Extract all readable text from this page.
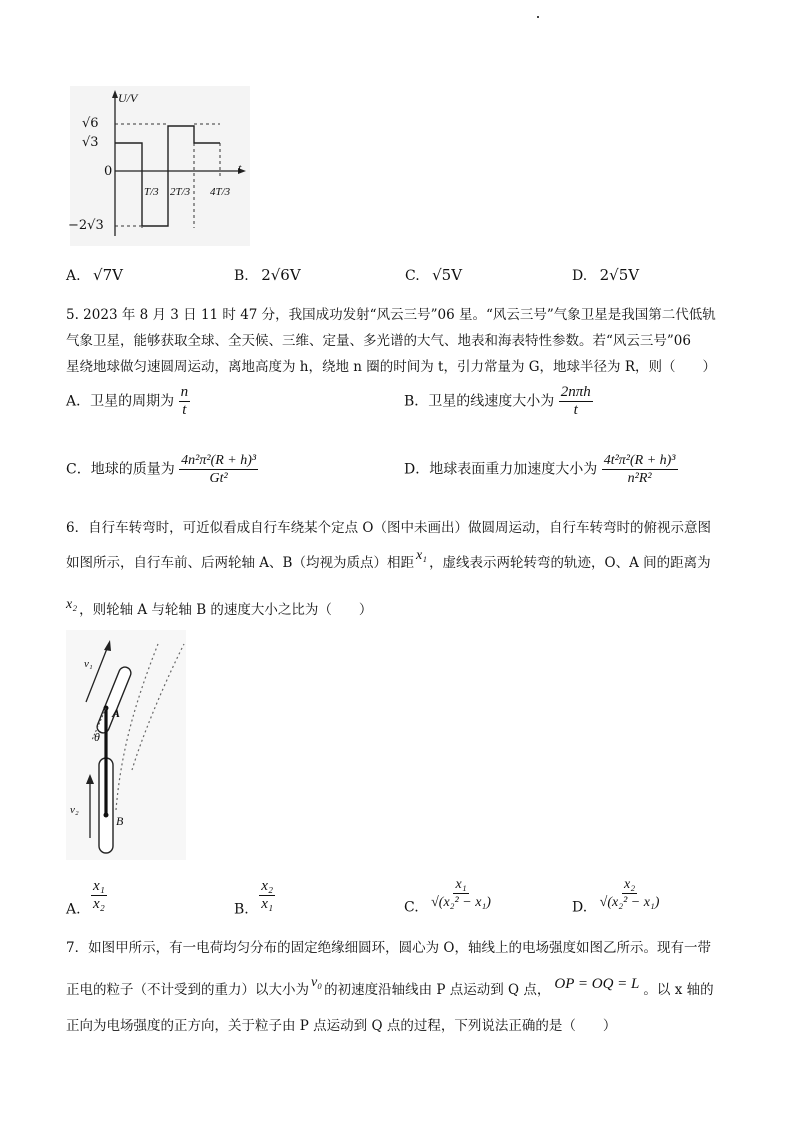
U/V
√6
√3
0
−2√3
T/3 2T/3 4T/3
t
A. √7V	B. 2√6V	C. √5V	D. 2√5V
5. 2023 年 8 月 3 日 11 时 47 分，我国成功发射“风云三号”06 星。“风云三号”气象卫星是我国第二代低轨
气象卫星，能够获取全球、全天候、三维、定量、多光谱的大气、地表和海表特性参数。若“风云三号”06
星绕地球做匀速圆周运动，离地高度为 h，绕地 n 圈的时间为 t，引力常量为 G，地球半径为 R，则（　　）
A．卫星的周期为 $\frac{n}{t}$	B．卫星的线速度大小为 $\frac{\text{2nπh}}{t}$
C．地球的质量为 $\frac{\text{4n²π²(R + h)³}}{\text{Gt²}}$	D．地球表面重力加速度大小为 $\frac{\text{4t²π²(R + h)³}}{\text{n²R²}}$
6．自行车转弯时，可近似看成自行车绕某个定点 O（图中未画出）做圆周运动，自行车转弯时的俯视示意图
如图所示，自行车前、后两轮轴 A、B（均视为质点）相距 x₁ ，虚线表示两轮转弯的轨迹，O、A 间的距离为
x₂ ，则轮轴 A 与轮轴 B 的速度大小之比为（　　）
v₁
A
θ
v₂
B
A. $\frac{\text{x₁}}{\text{x₂}}$	B. $\frac{\text{x₂}}{\text{x₁}}$	C. $\frac{\text{x₁}}{\text{√(x₂² − x₁)}}$	D. $\frac{\text{x₂}}{\text{√(x₂² − x₁)}}$
7．如图甲所示，有一电荷均匀分布的固定绝缘细圆环，圆心为 O，轴线上的电场强度如图乙所示。现有一带
正电的粒子（不计受到的重力）以大小为 v₀ 的初速度沿轴线由 P 点运动到 Q 点， OP = OQ = L 。以 x 轴的
正向为电场强度的正方向，关于粒子由 P 点运动到 Q 点的过程，下列说法正确的是（　　）
